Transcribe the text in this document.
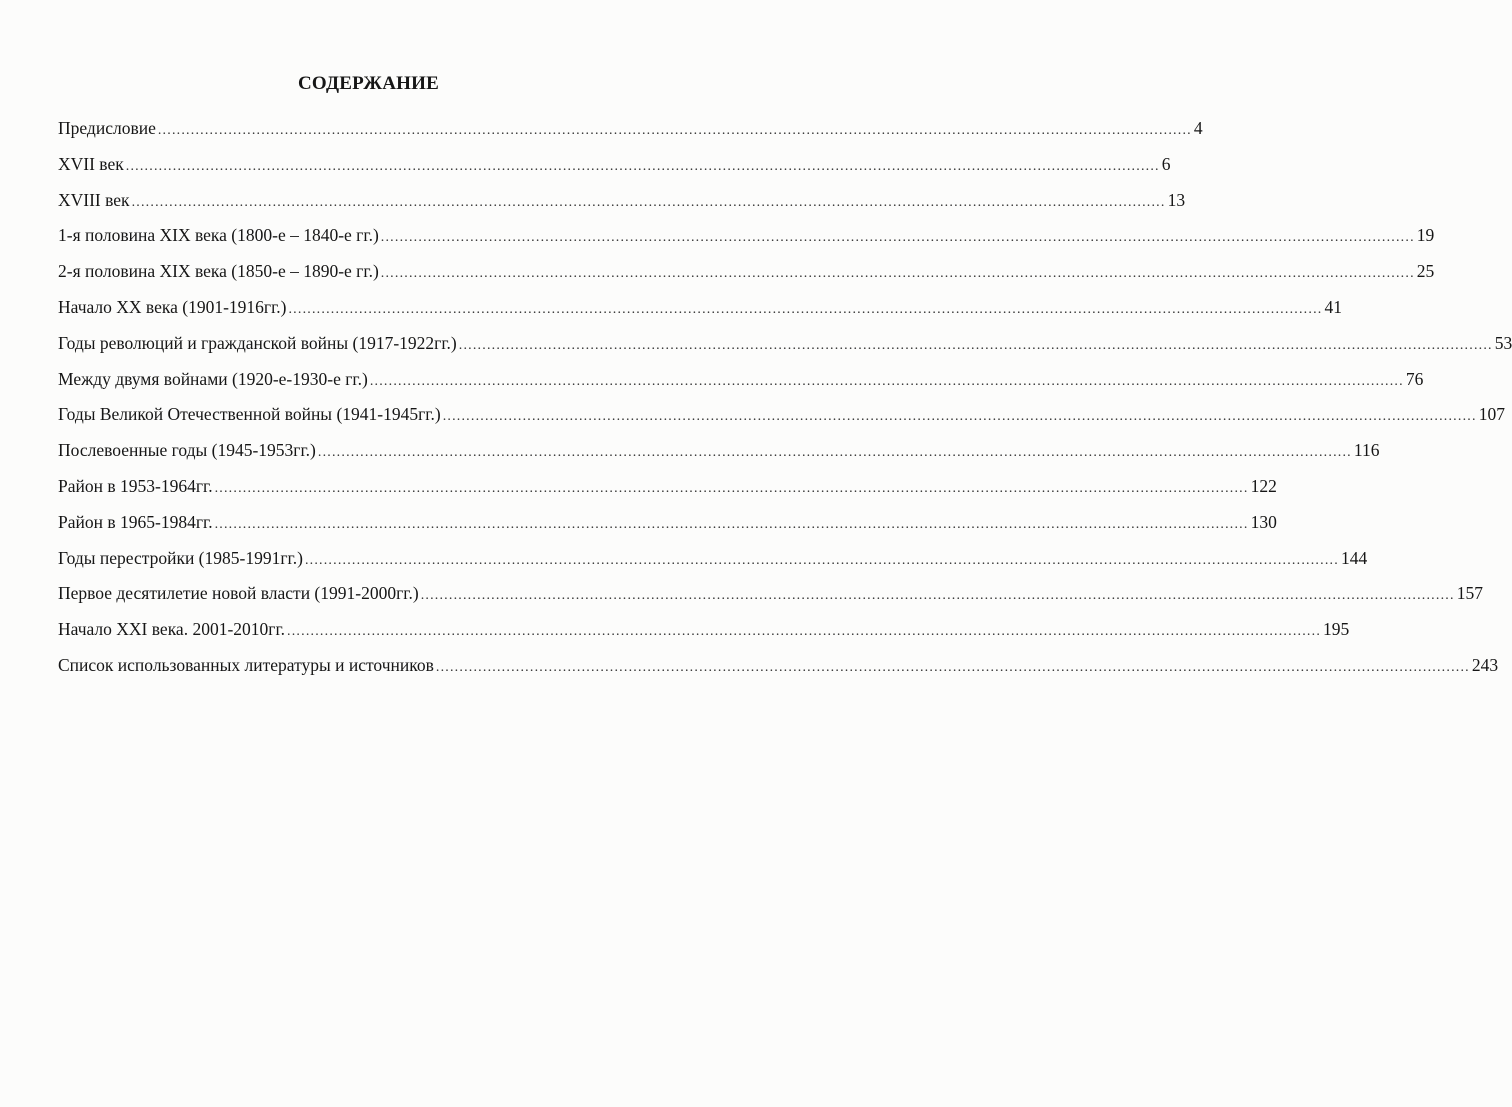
СОДЕРЖАНИЕ
Предисловие ............................................................................................................................................................................................................................ 4
XVII век ............................................................................................................................................................................................................................ 6
XVIII век ............................................................................................................................................................................................................................ 13
1-я половина XIX века (1800-е – 1840-е гг.) ............................................................................................................................................................................................................................ 19
2-я половина XIX века (1850-е – 1890-е гг.) ............................................................................................................................................................................................................................ 25
Начало XX века (1901-1916гг.) ............................................................................................................................................................................................................................ 41
Годы революций и гражданской войны (1917-1922гг.) ............................................................................................................................................................................................................................ 53
Между двумя войнами (1920-е-1930-е гг.) ............................................................................................................................................................................................................................ 76
Годы Великой Отечественной войны (1941-1945гг.) ............................................................................................................................................................................................................................ 107
Послевоенные годы (1945-1953гг.) ............................................................................................................................................................................................................................ 116
Район в 1953-1964гг. ............................................................................................................................................................................................................................ 122
Район в 1965-1984гг. ............................................................................................................................................................................................................................ 130
Годы перестройки (1985-1991гг.) ............................................................................................................................................................................................................................ 144
Первое десятилетие новой власти (1991-2000гг.) ............................................................................................................................................................................................................................ 157
Начало XXI века. 2001-2010гг. ............................................................................................................................................................................................................................ 195
Список использованных литературы и источников ............................................................................................................................................................................................................................ 243
